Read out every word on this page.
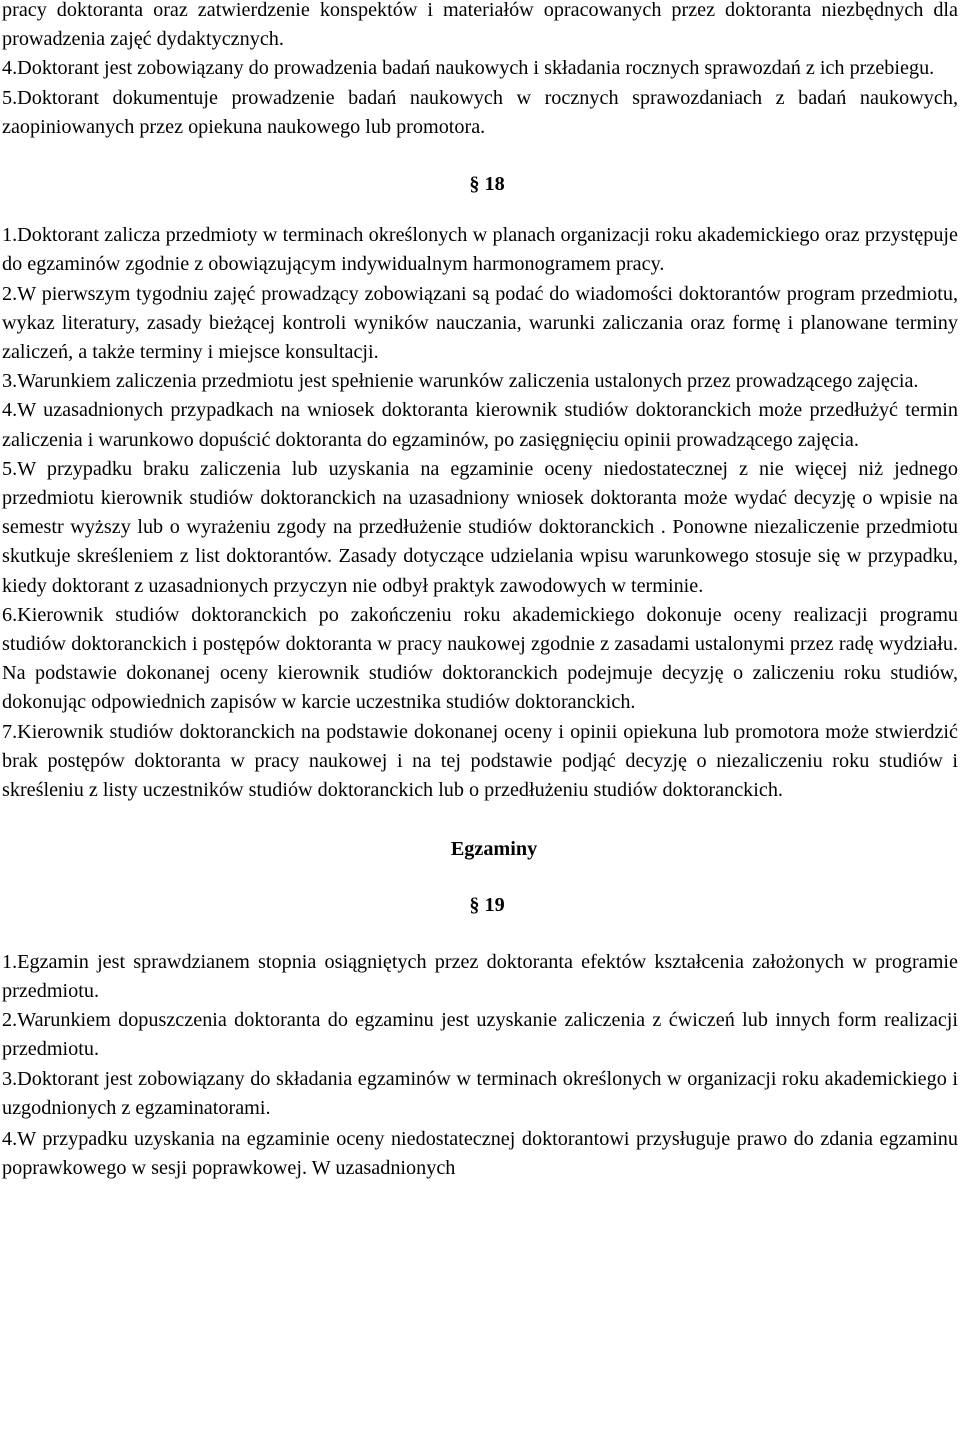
pracy doktoranta oraz zatwierdzenie konspektów i materiałów opracowanych przez doktoranta niezbędnych dla prowadzenia zajęć dydaktycznych.

4.Doktorant jest zobowiązany do prowadzenia badań naukowych i składania rocznych sprawozdań z ich przebiegu.

5.Doktorant dokumentuje prowadzenie badań naukowych w rocznych sprawozdaniach z badań naukowych, zaopiniowanych przez opiekuna naukowego lub promotora.

§ 18

1.Doktorant zalicza przedmioty w terminach określonych w planach organizacji roku akademickiego oraz przystępuje do egzaminów zgodnie z obowiązującym indywidualnym harmonogramem pracy.

2.W pierwszym tygodniu zajęć prowadzący zobowiązani są podać do wiadomości doktorantów program przedmiotu, wykaz literatury, zasady bieżącej kontroli wyników nauczania, warunki zaliczania oraz formę i planowane terminy zaliczeń, a także terminy i miejsce konsultacji.

3.Warunkiem zaliczenia przedmiotu jest spełnienie warunków zaliczenia ustalonych przez prowadzącego zajęcia.

4.W uzasadnionych przypadkach na wniosek doktoranta kierownik studiów doktoranckich może przedłużyć termin zaliczenia i warunkowo dopuścić doktoranta do egzaminów, po zasięgnięciu opinii prowadzącego zajęcia.

5.W przypadku braku zaliczenia lub uzyskania na egzaminie oceny niedostatecznej z nie więcej niż jednego przedmiotu kierownik studiów doktoranckich na uzasadniony wniosek doktoranta może wydać decyzję o wpisie na semestr wyższy lub o wyrażeniu zgody na przedłużenie studiów doktoranckich . Ponowne niezaliczenie przedmiotu skutkuje skreśleniem z list doktorantów. Zasady dotyczące udzielania wpisu warunkowego stosuje się w przypadku, kiedy doktorant z uzasadnionych przyczyn nie odbył praktyk zawodowych w terminie.

6.Kierownik studiów doktoranckich po zakończeniu roku akademickiego dokonuje oceny realizacji programu studiów doktoranckich i postępów doktoranta w pracy naukowej zgodnie z zasadami ustalonymi przez radę wydziału. Na podstawie dokonanej oceny kierownik studiów doktoranckich podejmuje decyzję o zaliczeniu roku studiów, dokonując odpowiednich zapisów w karcie uczestnika studiów doktoranckich.

7.Kierownik studiów doktoranckich na podstawie dokonanej oceny i opinii opiekuna lub promotora może stwierdzić brak postępów doktoranta w pracy naukowej i na tej podstawie podjąć decyzję o niezaliczeniu roku studiów i skreśleniu z listy uczestników studiów doktoranckich lub o przedłużeniu studiów doktoranckich.

Egzaminy

§ 19

1.Egzamin jest sprawdzianem stopnia osiągniętych przez doktoranta efektów kształcenia założonych w programie przedmiotu.

2.Warunkiem dopuszczenia doktoranta do egzaminu jest uzyskanie zaliczenia z ćwiczeń lub innych form realizacji przedmiotu.

3.Doktorant jest zobowiązany do składania egzaminów w terminach określonych w organizacji roku akademickiego i uzgodnionych z egzaminatorami.

4.W przypadku uzyskania na egzaminie oceny niedostatecznej doktorantowi przysługuje prawo do zdania egzaminu poprawkowego w sesji poprawkowej. W uzasadnionych
